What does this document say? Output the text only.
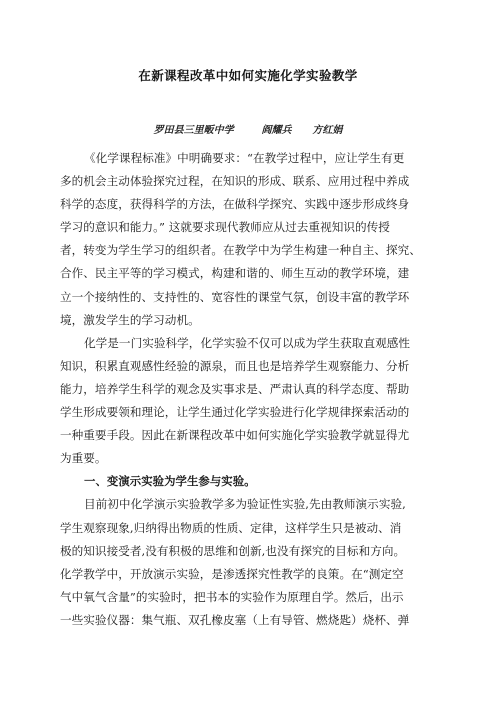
在新课程改革中如何实施化学实验教学
罗田县三里畈中学	阎耀兵 方红娟
《化学课程标准》中明确要求：“在教学过程中，应让学生有更
多的机会主动体验探究过程，在知识的形成、联系、应用过程中养成
科学的态度，获得科学的方法，在做科学探究、实践中逐步形成终身
学习的意识和能力。” 这就要求现代教师应从过去重视知识的传授
者，转变为学生学习的组织者。在教学中为学生构建一种自主、探究、
合作、民主平等的学习模式，构建和谐的、师生互动的教学环境，建
立一个接纳性的、支持性的、宽容性的课堂气氛，创设丰富的教学环
境，激发学生的学习动机。
化学是一门实验科学，化学实验不仅可以成为学生获取直观感性
知识，积累直观感性经验的源泉，而且也是培养学生观察能力、分析
能力，培养学生科学的观念及实事求是、严肃认真的科学态度、帮助
学生形成要领和理论，让学生通过化学实验进行化学规律探索活动的
一种重要手段。因此在新课程改革中如何实施化学实验教学就显得尤
为重要。
一、变演示实验为学生参与实验。
目前初中化学演示实验教学多为验证性实验,先由教师演示实验,
学生观察现象,归纳得出物质的性质、定律，这样学生只是被动、消
极的知识接受者,没有积极的思维和创新,也没有探究的目标和方向。
化学教学中，开放演示实验，是渗透探究性教学的良策。在“测定空
气中氧气含量”的实验时，把书本的实验作为原理自学。然后，出示
一些实验仪器：集气瓶、双孔橡皮塞（上有导管、燃烧匙）烧杯、弹
